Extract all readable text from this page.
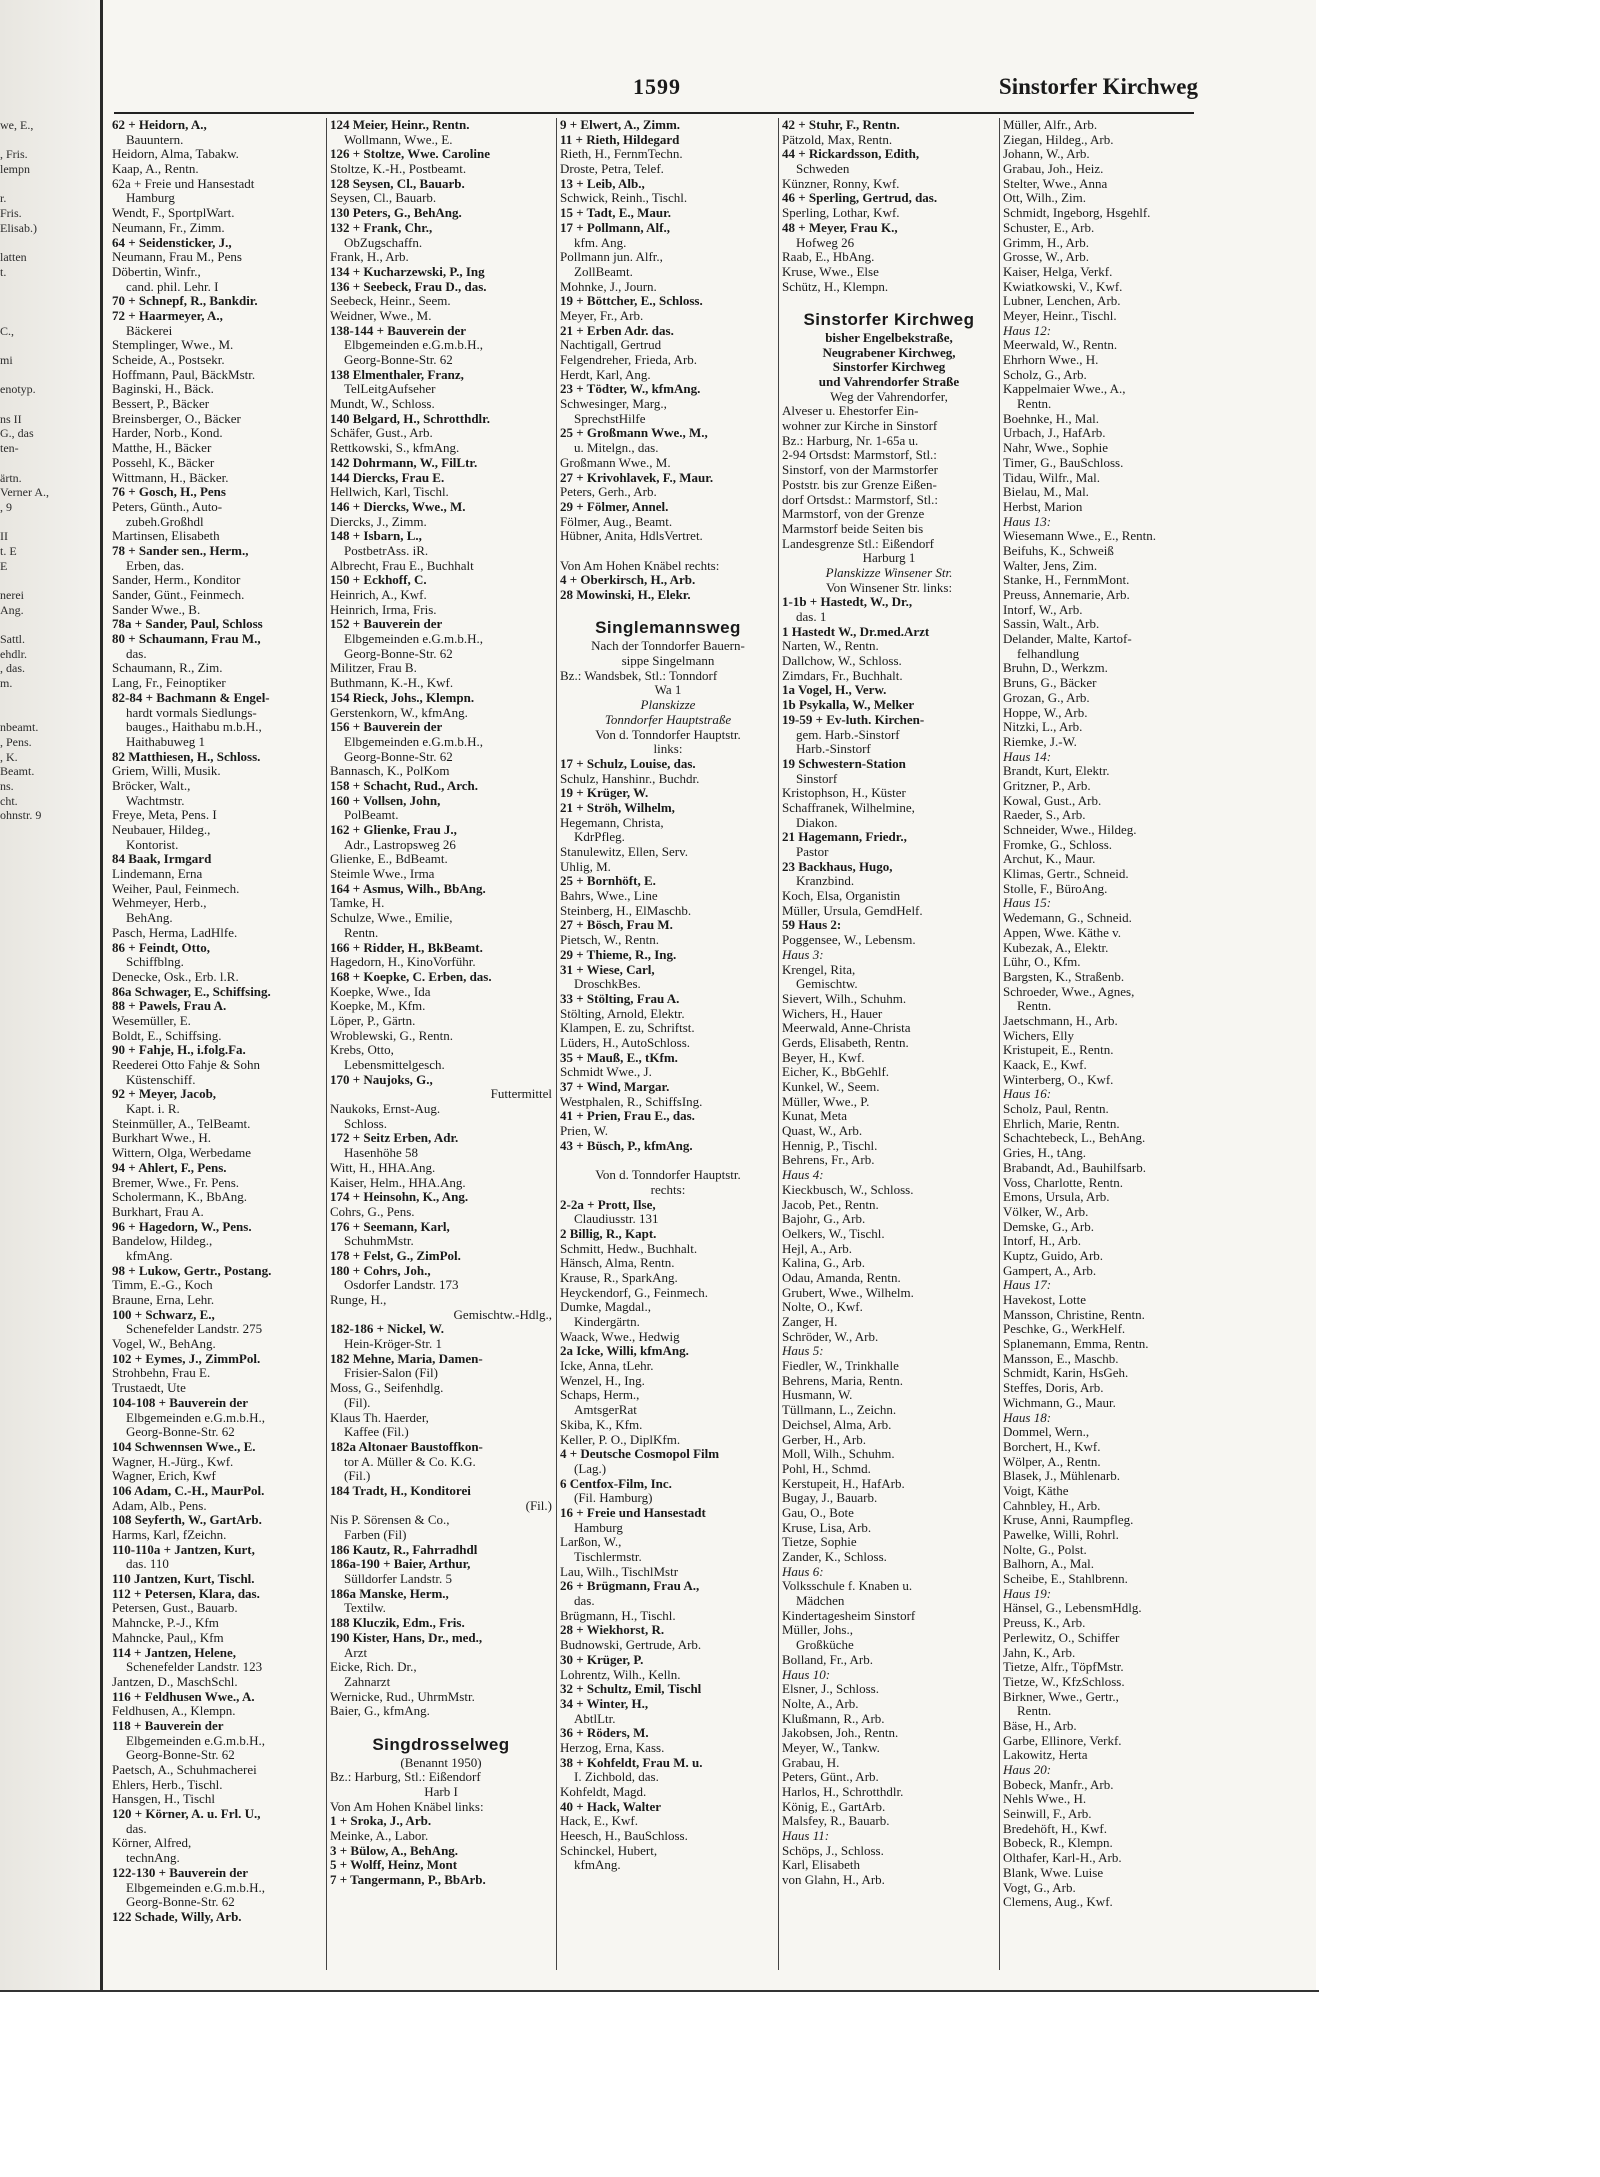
we, E.,
, Fris.
lempn
r.
Fris.
Elisab.)
latten
t.
C.,
mi
enotyp.
ns II
G., das
ten-
ärtn.
Verner A.,
, 9
II
t. E
E
nerei
Ang.
Sattl.
ehdlr.
, das.
m.
nbeamt.
, Pens.
, K.
Beamt.
ns.
cht.
ohnstr. 9
1599	Sinstorfer Kirchweg
62 + Heidorn, A.,
Bauuntern.
Heidorn, Alma, Tabakw.
Kaap, A., Rentn.
62a + Freie und Hansestadt
Hamburg
Wendt, F., SportplWart.
Neumann, Fr., Zimm.
64 + Seidensticker, J.,
Neumann, Frau M., Pens
Döbertin, Winfr.,
cand. phil. Lehr. I
70 + Schnepf, R., Bankdir.
72 + Haarmeyer, A.,
Bäckerei
Stemplinger, Wwe., M.
Scheide, A., Postsekr.
Hoffmann, Paul, BäckMstr.
Baginski, H., Bäck.
Bessert, P., Bäcker
Breinsberger, O., Bäcker
Harder, Norb., Kond.
Matthe, H., Bäcker
Possehl, K., Bäcker
Wittmann, H., Bäcker.
76 + Gosch, H., Pens
Peters, Günth., Auto-
zubeh.Großhdl
Martinsen, Elisabeth
78 + Sander sen., Herm.,
Erben, das.
Sander, Herm., Konditor
Sander, Günt., Feinmech.
Sander Wwe., B.
78a + Sander, Paul, Schloss
80 + Schaumann, Frau M.,
das.
Schaumann, R., Zim.
Lang, Fr., Feinoptiker
82-84 + Bachmann & Engel-
hardt vormals Siedlungs-
bauges., Haithabu m.b.H.,
Haithabuweg 1
82 Matthiesen, H., Schloss.
Griem, Willi, Musik.
Bröcker, Walt.,
Wachtmstr.
Freye, Meta, Pens. I
Neubauer, Hildeg.,
Kontorist.
84 Baak, Irmgard
Lindemann, Erna
Weiher, Paul, Feinmech.
Wehmeyer, Herb.,
BehAng.
Pasch, Herma, LadHlfe.
86 + Feindt, Otto,
Schiffblng.
Denecke, Osk., Erb. l.R.
86a Schwager, E., Schiffsing.
88 + Pawels, Frau A.
Wesemüller, E.
Boldt, E., Schiffsing.
90 + Fahje, H., i.folg.Fa.
Reederei Otto Fahje & Sohn
Küstenschiff.
92 + Meyer, Jacob,
Kapt. i. R.
Steinmüller, A., TelBeamt.
Burkhart Wwe., H.
Wittern, Olga, Werbedame
94 + Ahlert, F., Pens.
Bremer, Wwe., Fr. Pens.
Scholermann, K., BbAng.
Burkhart, Frau A.
96 + Hagedorn, W., Pens.
Bandelow, Hildeg.,
kfmAng.
98 + Lukow, Gertr., Postang.
Timm, E.-G., Koch
Braune, Erna, Lehr.
100 + Schwarz, E.,
Schenefelder Landstr. 275
Vogel, W., BehAng.
102 + Eymes, J., ZimmPol.
Strohbehn, Frau E.
Trustaedt, Ute
104-108 + Bauverein der
Elbgemeinden e.G.m.b.H.,
Georg-Bonne-Str. 62
104 Schwennsen Wwe., E.
Wagner, H.-Jürg., Kwf.
Wagner, Erich, Kwf
106 Adam, C.-H., MaurPol.
Adam, Alb., Pens.
108 Seyferth, W., GartArb.
Harms, Karl, fZeichn.
110-110a + Jantzen, Kurt,
das. 110
110 Jantzen, Kurt, Tischl.
112 + Petersen, Klara, das.
Petersen, Gust., Bauarb.
Mahncke, P.-J., Kfm
Mahncke, Paul,, Kfm
114 + Jantzen, Helene,
Schenefelder Landstr. 123
Jantzen, D., MaschSchl.
116 + Feldhusen Wwe., A.
Feldhusen, A., Klempn.
118 + Bauverein der
Elbgemeinden e.G.m.b.H.,
Georg-Bonne-Str. 62
Paetsch, A., Schuhmacherei
Ehlers, Herb., Tischl.
Hansgen, H., Tischl
120 + Körner, A. u. Frl. U.,
das.
Körner, Alfred,
technAng.
122-130 + Bauverein der
Elbgemeinden e.G.m.b.H.,
Georg-Bonne-Str. 62
122 Schade, Willy, Arb.
124 Meier, Heinr., Rentn.
Wollmann, Wwe., E.
126 + Stoltze, Wwe. Caroline
Stoltze, K.-H., Postbeamt.
128 Seysen, Cl., Bauarb.
Seysen, Cl., Bauarb.
130 Peters, G., BehAng.
132 + Frank, Chr.,
ObZugschaffn.
Frank, H., Arb.
134 + Kucharzewski, P., Ing
136 + Seebeck, Frau D., das.
Seebeck, Heinr., Seem.
Weidner, Wwe., M.
138-144 + Bauverein der
Elbgemeinden e.G.m.b.H.,
Georg-Bonne-Str. 62
138 Elmenthaler, Franz,
TelLeitgAufseher
Mundt, W., Schloss.
140 Belgard, H., Schrotthdlr.
Schäfer, Gust., Arb.
Rettkowski, S., kfmAng.
142 Dohrmann, W., FilLtr.
144 Diercks, Frau E.
Hellwich, Karl, Tischl.
146 + Diercks, Wwe., M.
Diercks, J., Zimm.
148 + Isbarn, L.,
PostbetrAss. iR.
Albrecht, Frau E., Buchhalt
150 + Eckhoff, C.
Heinrich, A., Kwf.
Heinrich, Irma, Fris.
152 + Bauverein der
Elbgemeinden e.G.m.b.H.,
Georg-Bonne-Str. 62
Militzer, Frau B.
Buthmann, K.-H., Kwf.
154 Rieck, Johs., Klempn.
Gerstenkorn, W., kfmAng.
156 + Bauverein der
Elbgemeinden e.G.m.b.H.,
Georg-Bonne-Str. 62
Bannasch, K., PolKom
158 + Schacht, Rud., Arch.
160 + Vollsen, John,
PolBeamt.
162 + Glienke, Frau J.,
Adr., Lastropsweg 26
Glienke, E., BdBeamt.
Steimle Wwe., Irma
164 + Asmus, Wilh., BbAng.
Tamke, H.
Schulze, Wwe., Emilie,
Rentn.
166 + Ridder, H., BkBeamt.
Hagedorn, H., KinoVorführ.
168 + Koepke, C. Erben, das.
Koepke, Wwe., Ida
Koepke, M., Kfm.
Löper, P., Gärtn.
Wroblewski, G., Rentn.
Krebs, Otto,
Lebensmittelgesch.
170 + Naujoks, G.,
Futtermittel
Naukoks, Ernst-Aug.
Schloss.
172 + Seitz Erben, Adr.
Hasenhöhe 58
Witt, H., HHA.Ang.
Kaiser, Helm., HHA.Ang.
174 + Heinsohn, K., Ang.
Cohrs, G., Pens.
176 + Seemann, Karl,
SchuhmMstr.
178 + Felst, G., ZimPol.
180 + Cohrs, Joh.,
Osdorfer Landstr. 173
Runge, H.,
Gemischtw.-Hdlg.,
182-186 + Nickel, W.
Hein-Kröger-Str. 1
182 Mehne, Maria, Damen-
Frisier-Salon (Fil)
Moss, G., Seifenhdlg.
(Fil).
Klaus Th. Haerder,
Kaffee (Fil.)
182a Altonaer Baustoffkon-
tor A. Müller & Co. K.G.
(Fil.)
184 Tradt, H., Konditorei
(Fil.)
Nis P. Sörensen & Co.,
Farben (Fil)
186 Kautz, R., Fahrradhdl
186a-190 + Baier, Arthur,
Sülldorfer Landstr. 5
186a Manske, Herm.,
Textilw.
188 Kluczik, Edm., Fris.
190 Kister, Hans, Dr., med.,
Arzt
Eicke, Rich. Dr.,
Zahnarzt
Wernicke, Rud., UhrmMstr.
Baier, G., kfmAng.
Singdrosselweg
(Benannt 1950)
Bz.: Harburg, Stl.: Eißendorf
Harb I
Von Am Hohen Knäbel links:
1 + Sroka, J., Arb.
Meinke, A., Labor.
3 + Bülow, A., BehAng.
5 + Wolff, Heinz, Mont
7 + Tangermann, P., BbArb.
9 + Elwert, A., Zimm.
11 + Rieth, Hildegard
Rieth, H., FernmTechn.
Droste, Petra, Telef.
13 + Leib, Alb.,
Schwick, Reinh., Tischl.
15 + Tadt, E., Maur.
17 + Pollmann, Alf.,
kfm. Ang.
Pollmann jun. Alfr.,
ZollBeamt.
Mohnke, J., Journ.
19 + Böttcher, E., Schloss.
Meyer, Fr., Arb.
21 + Erben Adr. das.
Nachtigall, Gertrud
Felgendreher, Frieda, Arb.
Herdt, Karl, Ang.
23 + Tödter, W., kfmAng.
Schwesinger, Marg.,
SprechstHilfe
25 + Großmann Wwe., M.,
u. Mitelgn., das.
Großmann Wwe., M.
27 + Krivohlavek, F., Maur.
Peters, Gerh., Arb.
29 + Fölmer, Annel.
Fölmer, Aug., Beamt.
Hübner, Anita, HdlsVertret.
Von Am Hohen Knäbel rechts:
4 + Oberkirsch, H., Arb.
28 Mowinski, H., Elekr.
Singlemannsweg
Nach der Tonndorfer Bauern-
sippe Singelmann
Bz.: Wandsbek, Stl.: Tonndorf
Wa 1
Planskizze
Tonndorfer Hauptstraße
Von d. Tonndorfer Hauptstr.
links:
17 + Schulz, Louise, das.
Schulz, Hanshinr., Buchdr.
19 + Krüger, W.
21 + Ströh, Wilhelm,
Hegemann, Christa,
KdrPfleg.
Stanulewitz, Ellen, Serv.
Uhlig, M.
25 + Bornhöft, E.
Bahrs, Wwe., Line
Steinberg, H., ElMaschb.
27 + Bösch, Frau M.
Pietsch, W., Rentn.
29 + Thieme, R., Ing.
31 + Wiese, Carl,
DroschkBes.
33 + Stölting, Frau A.
Stölting, Arnold, Elektr.
Klampen, E. zu, Schriftst.
Lüders, H., AutoSchloss.
35 + Mauß, E., tKfm.
Schmidt Wwe., J.
37 + Wind, Margar.
Westphalen, R., SchiffsIng.
41 + Prien, Frau E., das.
Prien, W.
43 + Büsch, P., kfmAng.
Von d. Tonndorfer Hauptstr.
rechts:
2-2a + Prott, Ilse,
Claudiusstr. 131
2 Billig, R., Kapt.
Schmitt, Hedw., Buchhalt.
Hänsch, Alma, Rentn.
Krause, R., SparkAng.
Heyckendorf, G., Feinmech.
Dumke, Magdal.,
Kindergärtn.
Waack, Wwe., Hedwig
2a Icke, Willi, kfmAng.
Icke, Anna, tLehr.
Wenzel, H., Ing.
Schaps, Herm.,
AmtsgerRat
Skiba, K., Kfm.
Keller, P. O., DiplKfm.
4 + Deutsche Cosmopol Film
(Lag.)
6 Centfox-Film, Inc.
(Fil. Hamburg)
16 + Freie und Hansestadt
Hamburg
Larßon, W.,
Tischlermstr.
Lau, Wilh., TischlMstr
26 + Brügmann, Frau A.,
das.
Brügmann, H., Tischl.
28 + Wiekhorst, R.
Budnowski, Gertrude, Arb.
30 + Krüger, P.
Lohrentz, Wilh., Kelln.
32 + Schultz, Emil, Tischl
34 + Winter, H.,
AbtlLtr.
36 + Röders, M.
Herzog, Erna, Kass.
38 + Kohfeldt, Frau M. u.
I. Zichbold, das.
Kohfeldt, Magd.
40 + Hack, Walter
Hack, E., Kwf.
Heesch, H., BauSchloss.
Schinckel, Hubert,
kfmAng.
42 + Stuhr, F., Rentn.
Pätzold, Max, Rentn.
44 + Rickardsson, Edith,
Schweden
Künzner, Ronny, Kwf.
46 + Sperling, Gertrud, das.
Sperling, Lothar, Kwf.
48 + Meyer, Frau K.,
Hofweg 26
Raab, E., HbAng.
Kruse, Wwe., Else
Schütz, H., Klempn.
Sinstorfer Kirchweg
bisher Engelbekstraße,
Neugrabener Kirchweg,
Sinstorfer Kirchweg
und Vahrendorfer Straße
Weg der Vahrendorfer,
Alveser u. Ehestorfer Ein-
wohner zur Kirche in Sinstorf
Bz.: Harburg, Nr. 1-65a u.
2-94 Ortsdst: Marmstorf, Stl.:
Sinstorf, von der Marmstorfer
Poststr. bis zur Grenze Eißen-
dorf Ortsdst.: Marmstorf, Stl.:
Marmstorf, von der Grenze
Marmstorf beide Seiten bis
Landesgrenze Stl.: Eißendorf
Harburg 1
Planskizze Winsener Str.
Von Winsener Str. links:
1-1b + Hastedt, W., Dr.,
das. 1
1 Hastedt W., Dr.med.Arzt
Narten, W., Rentn.
Dallchow, W., Schloss.
Zimdars, Fr., Buchhalt.
1a Vogel, H., Verw.
1b Psykalla, W., Melker
19-59 + Ev-luth. Kirchen-
gem. Harb.-Sinstorf
Harb.-Sinstorf
19 Schwestern-Station
Sinstorf
Kristophson, H., Küster
Schaffranek, Wilhelmine,
Diakon.
21 Hagemann, Friedr.,
Pastor
23 Backhaus, Hugo,
Kranzbind.
Koch, Elsa, Organistin
Müller, Ursula, GemdHelf.
59 Haus 2:
Poggensee, W., Lebensm.
Haus 3:
Krengel, Rita,
Gemischtw.
Sievert, Wilh., Schuhm.
Wichers, H., Hauer
Meerwald, Anne-Christa
Gerds, Elisabeth, Rentn.
Beyer, H., Kwf.
Eicher, K., BbGehlf.
Kunkel, W., Seem.
Müller, Wwe., P.
Kunat, Meta
Quast, W., Arb.
Hennig, P., Tischl.
Behrens, Fr., Arb.
Haus 4:
Kieckbusch, W., Schloss.
Jacob, Pet., Rentn.
Bajohr, G., Arb.
Oelkers, W., Tischl.
Hejl, A., Arb.
Kalina, G., Arb.
Odau, Amanda, Rentn.
Grubert, Wwe., Wilhelm.
Nolte, O., Kwf.
Zanger, H.
Schröder, W., Arb.
Haus 5:
Fiedler, W., Trinkhalle
Behrens, Maria, Rentn.
Husmann, W.
Tüllmann, L., Zeichn.
Deichsel, Alma, Arb.
Gerber, H., Arb.
Moll, Wilh., Schuhm.
Pohl, H., Schmd.
Kerstupeit, H., HafArb.
Bugay, J., Bauarb.
Gau, O., Bote
Kruse, Lisa, Arb.
Tietze, Sophie
Zander, K., Schloss.
Haus 6:
Volksschule f. Knaben u.
Mädchen
Kindertagesheim Sinstorf
Müller, Johs.,
Großküche
Bolland, Fr., Arb.
Haus 10:
Elsner, J., Schloss.
Nolte, A., Arb.
Klußmann, R., Arb.
Jakobsen, Joh., Rentn.
Meyer, W., Tankw.
Grabau, H.
Peters, Günt., Arb.
Harlos, H., Schrotthdlr.
König, E., GartArb.
Malsfey, R., Bauarb.
Haus 11:
Schöps, J., Schloss.
Karl, Elisabeth
von Glahn, H., Arb.
Müller, Alfr., Arb.
Ziegan, Hildeg., Arb.
Johann, W., Arb.
Grabau, Joh., Heiz.
Stelter, Wwe., Anna
Ott, Wilh., Zim.
Schmidt, Ingeborg, Hsgehlf.
Schuster, E., Arb.
Grimm, H., Arb.
Grosse, W., Arb.
Kaiser, Helga, Verkf.
Kwiatkowski, V., Kwf.
Lubner, Lenchen, Arb.
Meyer, Heinr., Tischl.
Haus 12:
Meerwald, W., Rentn.
Ehrhorn Wwe., H.
Scholz, G., Arb.
Kappelmaier Wwe., A.,
Rentn.
Boehnke, H., Mal.
Urbach, J., HafArb.
Nahr, Wwe., Sophie
Timer, G., BauSchloss.
Tidau, Wilfr., Mal.
Bielau, M., Mal.
Herbst, Marion
Haus 13:
Wiesemann Wwe., E., Rentn.
Beifuhs, K., Schweiß
Walter, Jens, Zim.
Stanke, H., FernmMont.
Preuss, Annemarie, Arb.
Intorf, W., Arb.
Sassin, Walt., Arb.
Delander, Malte, Kartof-
felhandlung
Bruhn, D., Werkzm.
Bruns, G., Bäcker
Grozan, G., Arb.
Hoppe, W., Arb.
Nitzki, L., Arb.
Riemke, J.-W.
Haus 14:
Brandt, Kurt, Elektr.
Gritzner, P., Arb.
Kowal, Gust., Arb.
Raeder, S., Arb.
Schneider, Wwe., Hildeg.
Fromke, G., Schloss.
Archut, K., Maur.
Klimas, Gertr., Schneid.
Stolle, F., BüroAng.
Haus 15:
Wedemann, G., Schneid.
Appen, Wwe. Käthe v.
Kubezak, A., Elektr.
Lühr, O., Kfm.
Bargsten, K., Straßenb.
Schroeder, Wwe., Agnes,
Rentn.
Jaetschmann, H., Arb.
Wichers, Elly
Kristupeit, E., Rentn.
Kaack, E., Kwf.
Winterberg, O., Kwf.
Haus 16:
Scholz, Paul, Rentn.
Ehrlich, Marie, Rentn.
Schachtebeck, L., BehAng.
Gries, H., tAng.
Brabandt, Ad., Bauhilfsarb.
Voss, Charlotte, Rentn.
Emons, Ursula, Arb.
Völker, W., Arb.
Demske, G., Arb.
Intorf, H., Arb.
Kuptz, Guido, Arb.
Gampert, A., Arb.
Haus 17:
Havekost, Lotte
Mansson, Christine, Rentn.
Peschke, G., WerkHelf.
Splanemann, Emma, Rentn.
Mansson, E., Maschb.
Schmidt, Karin, HsGeh.
Steffes, Doris, Arb.
Wichmann, G., Maur.
Haus 18:
Dommel, Wern.,
Borchert, H., Kwf.
Wölper, A., Rentn.
Blasek, J., Mühlenarb.
Voigt, Käthe
Cahnbley, H., Arb.
Kruse, Anni, Raumpfleg.
Pawelke, Willi, Rohrl.
Nolte, G., Polst.
Balhorn, A., Mal.
Scheibe, E., Stahlbrenn.
Haus 19:
Hänsel, G., LebensmHdlg.
Preuss, K., Arb.
Perlewitz, O., Schiffer
Jahn, K., Arb.
Tietze, Alfr., TöpfMstr.
Tietze, W., KfzSchloss.
Birkner, Wwe., Gertr.,
Rentn.
Bäse, H., Arb.
Garbe, Ellinore, Verkf.
Lakowitz, Herta
Haus 20:
Bobeck, Manfr., Arb.
Nehls Wwe., H.
Seinwill, F., Arb.
Bredehöft, H., Kwf.
Bobeck, R., Klempn.
Olthafer, Karl-H., Arb.
Blank, Wwe. Luise
Vogt, G., Arb.
Clemens, Aug., Kwf.
